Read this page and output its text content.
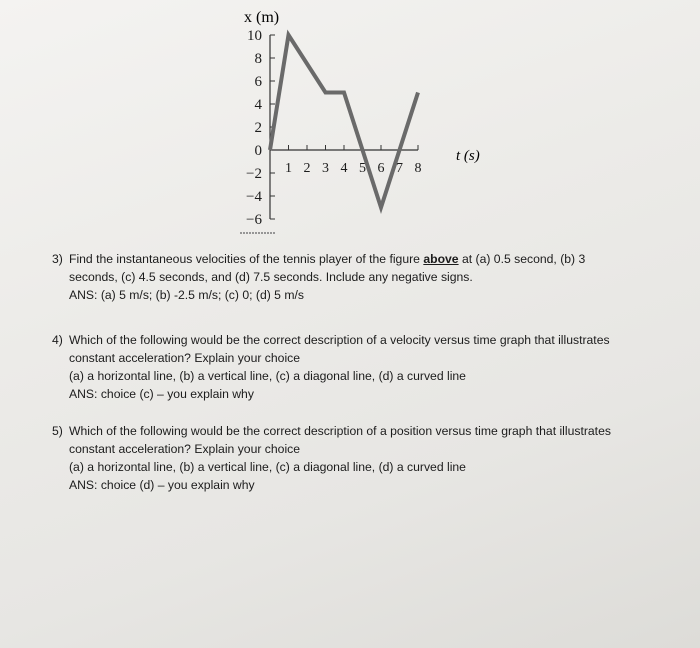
x (m)
10
8
6
4
2
0
−2
−4
−6
1 2 3 4 5 6 7 8
t (s)
3) Find the instantaneous velocities of the tennis player of the figure above at (a) 0.5 second, (b) 3
seconds, (c) 4.5 seconds, and (d) 7.5 seconds. Include any negative signs.
ANS: (a) 5 m/s; (b) -2.5 m/s; (c) 0; (d) 5 m/s
4) Which of the following would be the correct description of a velocity versus time graph that illustrates
constant acceleration? Explain your choice
(a) a horizontal line, (b) a vertical line, (c) a diagonal line, (d) a curved line
ANS: choice (c) – you explain why
5) Which of the following would be the correct description of a position versus time graph that illustrates
constant acceleration? Explain your choice
(a) a horizontal line, (b) a vertical line, (c) a diagonal line, (d) a curved line
ANS: choice (d) – you explain why
